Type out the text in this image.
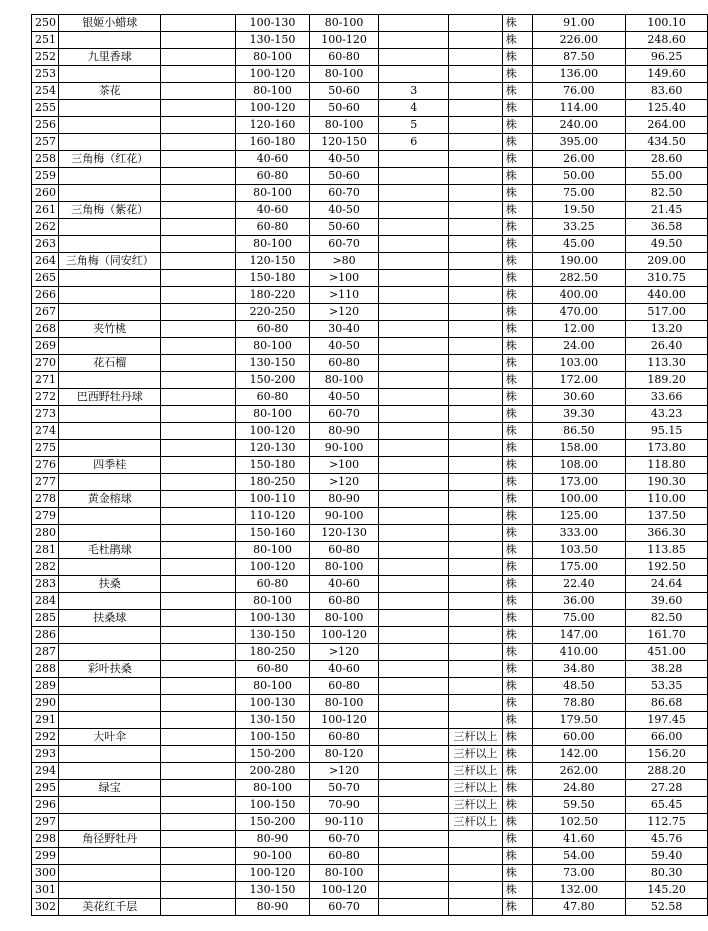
250	银姬小蜡球		100-130	80-100			株	91.00	100.10
251			130-150	100-120			株	226.00	248.60
252	九里香球		80-100	60-80			株	87.50	96.25
253			100-120	80-100			株	136.00	149.60
254	茶花		80-100	50-60	3		株	76.00	83.60
255			100-120	50-60	4		株	114.00	125.40
256			120-160	80-100	5		株	240.00	264.00
257			160-180	120-150	6		株	395.00	434.50
258	三角梅（红花）		40-60	40-50			株	26.00	28.60
259			60-80	50-60			株	50.00	55.00
260			80-100	60-70			株	75.00	82.50
261	三角梅（紫花）		40-60	40-50			株	19.50	21.45
262			60-80	50-60			株	33.25	36.58
263			80-100	60-70			株	45.00	49.50
264	三角梅（同安红）		120-150	>80			株	190.00	209.00
265			150-180	>100			株	282.50	310.75
266			180-220	>110			株	400.00	440.00
267			220-250	>120			株	470.00	517.00
268	夹竹桃		60-80	30-40			株	12.00	13.20
269			80-100	40-50			株	24.00	26.40
270	花石榴		130-150	60-80			株	103.00	113.30
271			150-200	80-100			株	172.00	189.20
272	巴西野牡丹球		60-80	40-50			株	30.60	33.66
273			80-100	60-70			株	39.30	43.23
274			100-120	80-90			株	86.50	95.15
275			120-130	90-100			株	158.00	173.80
276	四季桂		150-180	>100			株	108.00	118.80
277			180-250	>120			株	173.00	190.30
278	黄金榕球		100-110	80-90			株	100.00	110.00
279			110-120	90-100			株	125.00	137.50
280			150-160	120-130			株	333.00	366.30
281	毛杜鹃球		80-100	60-80			株	103.50	113.85
282			100-120	80-100			株	175.00	192.50
283	扶桑		60-80	40-60			株	22.40	24.64
284			80-100	60-80			株	36.00	39.60
285	扶桑球		100-130	80-100			株	75.00	82.50
286			130-150	100-120			株	147.00	161.70
287			180-250	>120			株	410.00	451.00
288	彩叶扶桑		60-80	40-60			株	34.80	38.28
289			80-100	60-80			株	48.50	53.35
290			100-130	80-100			株	78.80	86.68
291			130-150	100-120			株	179.50	197.45
292	大叶伞		100-150	60-80		三杆以上	株	60.00	66.00
293			150-200	80-120		三杆以上	株	142.00	156.20
294			200-280	>120		三杆以上	株	262.00	288.20
295	绿宝		80-100	50-70		三杆以上	株	24.80	27.28
296			100-150	70-90		三杆以上	株	59.50	65.45
297			150-200	90-110		三杆以上	株	102.50	112.75
298	角径野牡丹		80-90	60-70			株	41.60	45.76
299			90-100	60-80			株	54.00	59.40
300			100-120	80-100			株	73.00	80.30
301			130-150	100-120			株	132.00	145.20
302	美花红千层		80-90	60-70			株	47.80	52.58
